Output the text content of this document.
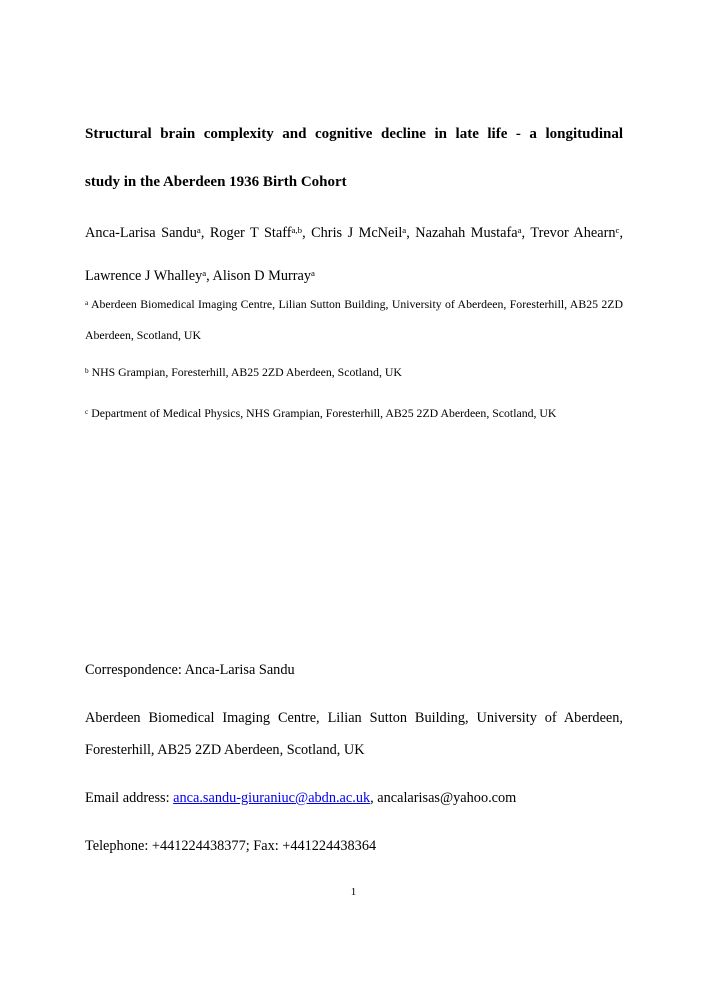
Structural brain complexity and cognitive decline in late life - a longitudinal
study in the Aberdeen 1936 Birth Cohort
Anca-Larisa Sandu$^a$, Roger T Staff$^{a,b}$, Chris J McNeil$^a$, Nazahah Mustafa$^a$, Trevor Ahearn$^c$,
Lawrence J Whalley$^a$, Alison D Murray$^a$
$^a$ Aberdeen Biomedical Imaging Centre, Lilian Sutton Building, University of Aberdeen, Foresterhill, AB25 2ZD
Aberdeen, Scotland, UK
$^b$ NHS Grampian, Foresterhill, AB25 2ZD Aberdeen, Scotland, UK
$^c$ Department of Medical Physics, NHS Grampian, Foresterhill, AB25 2ZD Aberdeen, Scotland, UK
Correspondence: Anca-Larisa Sandu
Aberdeen Biomedical Imaging Centre, Lilian Sutton Building, University of Aberdeen,
Foresterhill, AB25 2ZD Aberdeen, Scotland, UK
Email address: anca.sandu-giuraniuc@abdn.ac.uk, ancalarisas@yahoo.com
Telephone: +441224438377; Fax: +441224438364
1
